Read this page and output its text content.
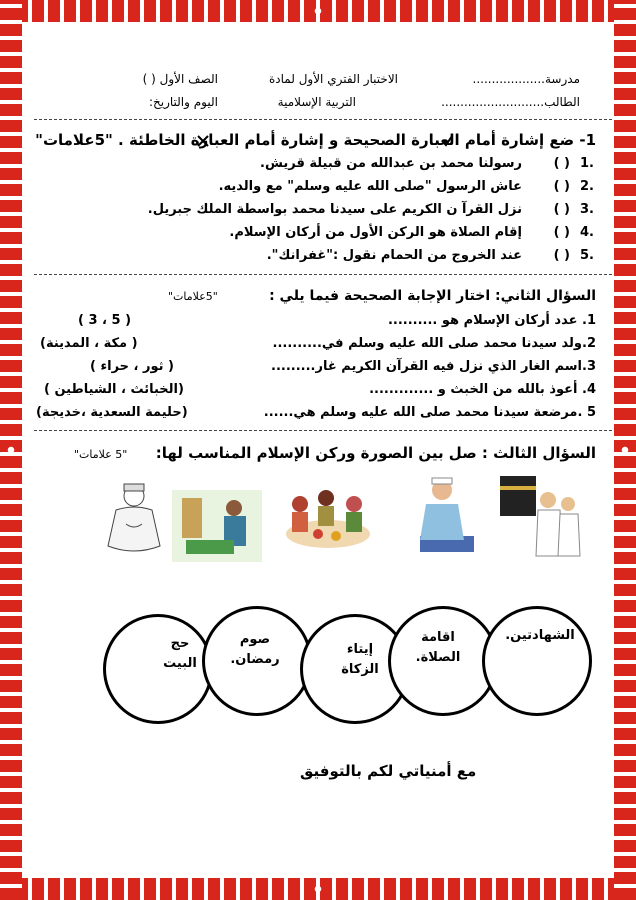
مدرسة...................
الاختبار الفتري الأول لمادة
الصف الأول ( )
الطالب...........................
التربية الإسلامية
اليوم والتاريخ:
1- ضع إشارة أمام العبارة الصحيحة و إشارة أمام العبارة الخاطئة . "5علامات"
1.
( )
رسولنا محمد بن عبدالله من قبيلة قريش.
2.
( )
عاش الرسول "صلى الله عليه وسلم" مع والديه.
3.
( )
نزل القرآ ن الكريم على سيدنا محمد بواسطة الملك جبريل.
4.
( )
إقام الصلاة هو الركن الأول من أركان الإسلام.
5.
( )
عند الخروج من الحمام نقول :"غفرانك".
السؤال الثاني: اختار الإجابة الصحيحة فيما يلي :
"5علامات"
1. عدد أركان الإسلام هو ..........
( 3 ، 5 )
2.ولد سيدنا محمد صلى الله عليه وسلم في..........
( مكة ، المدينة)
3.اسم الغار الذي نزل فيه القرآن الكريم غار.........
( ثور ، حراء )
4. أعوذ بالله من الخبث و .............
(الخبائث ، الشياطين )
5 .مرضعة سيدنا محمد صلى الله عليه وسلم هي......
(حليمة السعدية ،خديجة)
السؤال الثالث : صل بين الصورة وركن الإسلام المناسب لها:
"5 علامات"
حج
البيت
صوم
رمضان.
إيتاء
الزكاة
اقامة
الصلاة.
الشهادتين.
مع أمنياتي لكم بالتوفيق
